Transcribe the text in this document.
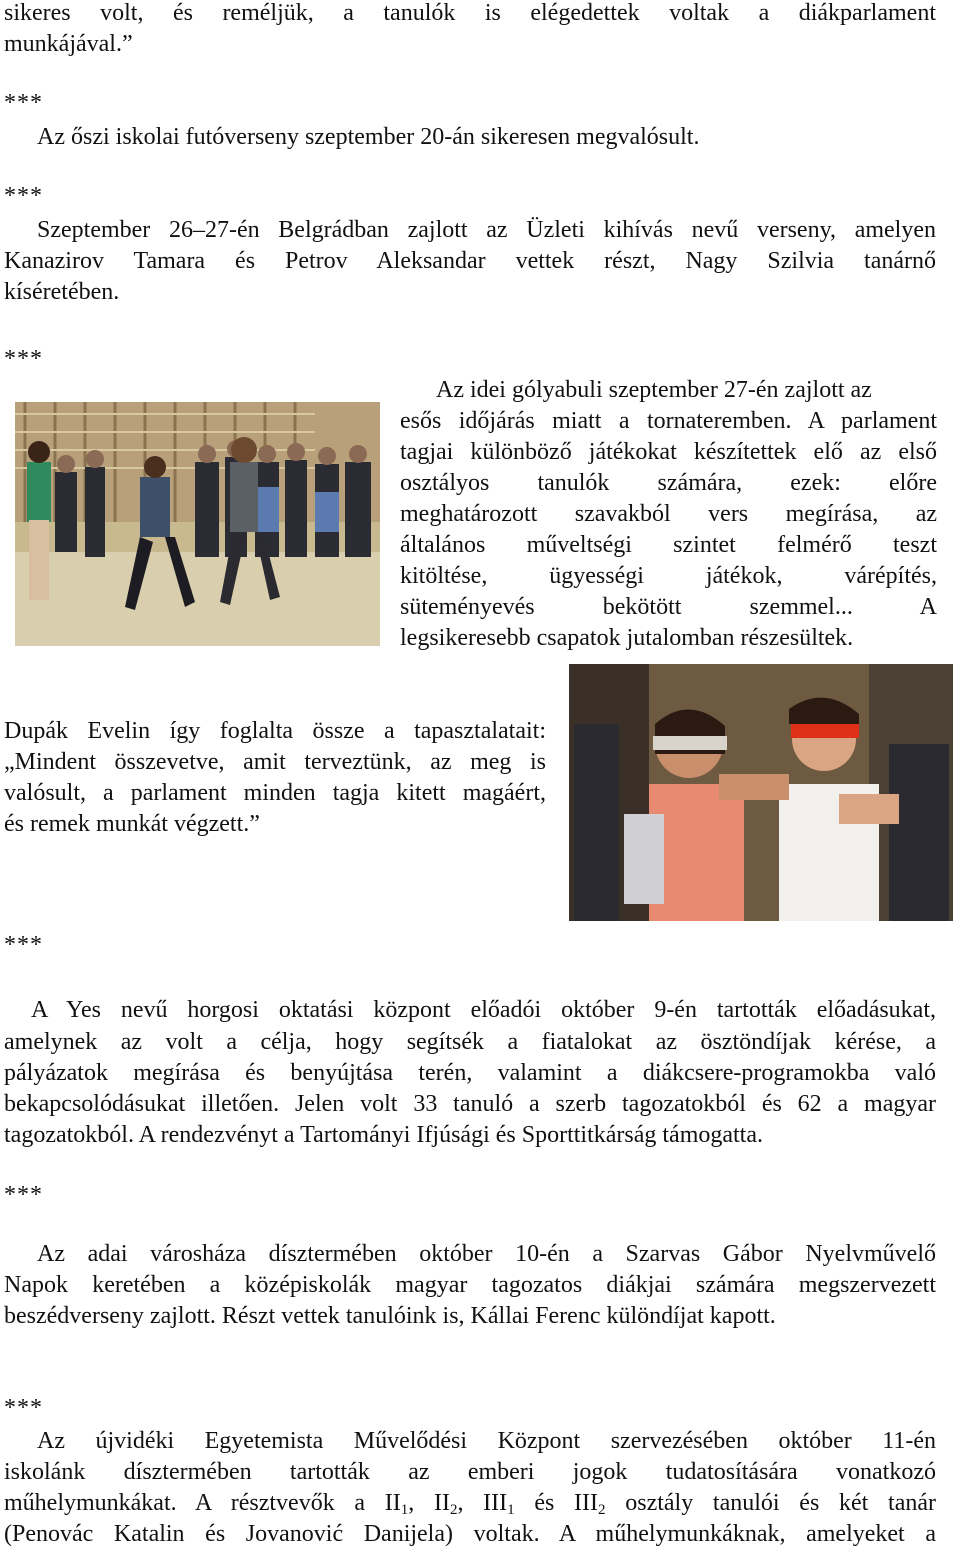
sikeres volt, és reméljük, a tanulók is elégedettek voltak a diákparlament
munkájával.”
***
Az őszi iskolai futóverseny szeptember 20-án sikeresen megvalósult.
***
Szeptember 26–27-én Belgrádban zajlott az Üzleti kihívás nevű verseny, amelyen
Kanazirov Tamara és Petrov Aleksandar vettek részt, Nagy Szilvia tanárnő
kíséretében.
***
Az idei gólyabuli szeptember 27-én zajlott az
esős időjárás miatt a tornateremben. A parlament
tagjai különböző játékokat készítettek elő az első
osztályos tanulók számára, ezek: előre
meghatározott szavakból vers megírása, az
általános műveltségi szintet felmérő teszt
kitöltése, ügyességi játékok, várépítés,
süteményevés bekötött szemmel... A
legsikeresebb csapatok jutalomban részesültek.
Dupák Evelin így foglalta össze a tapasztalatait:
„Mindent összevetve, amit terveztünk, az meg is
valósult, a parlament minden tagja kitett magáért,
és remek munkát végzett.”
***
A Yes nevű horgosi oktatási központ előadói október 9-én tartották előadásukat,
amelynek az volt a célja, hogy segítsék a fiatalokat az ösztöndíjak kérése, a
pályázatok megírása és benyújtása terén, valamint a diákcsere-programokba való
bekapcsolódásukat illetően. Jelen volt 33 tanuló a szerb tagozatokból és 62 a magyar
tagozatokból. A rendezvényt a Tartományi Ifjúsági és Sporttitkárság támogatta.
***
Az adai városháza dísztermében október 10-én a Szarvas Gábor Nyelvművelő
Napok keretében a középiskolák magyar tagozatos diákjai számára megszervezett
beszédverseny zajlott. Részt vettek tanulóink is, Kállai Ferenc különdíjat kapott.
***
Az újvidéki Egyetemista Művelődési Központ szervezésében október 11-én
iskolánk dísztermében tartották az emberi jogok tudatosítására vonatkozó
műhelymunkákat. A résztvevők a $II_1$, $II_2$, $III_1$ és $III_2$ osztály tanulói és két tanár
(Penovác Katalin és Jovanović Danijela) voltak. A műhelymunkáknak, amelyeket a
